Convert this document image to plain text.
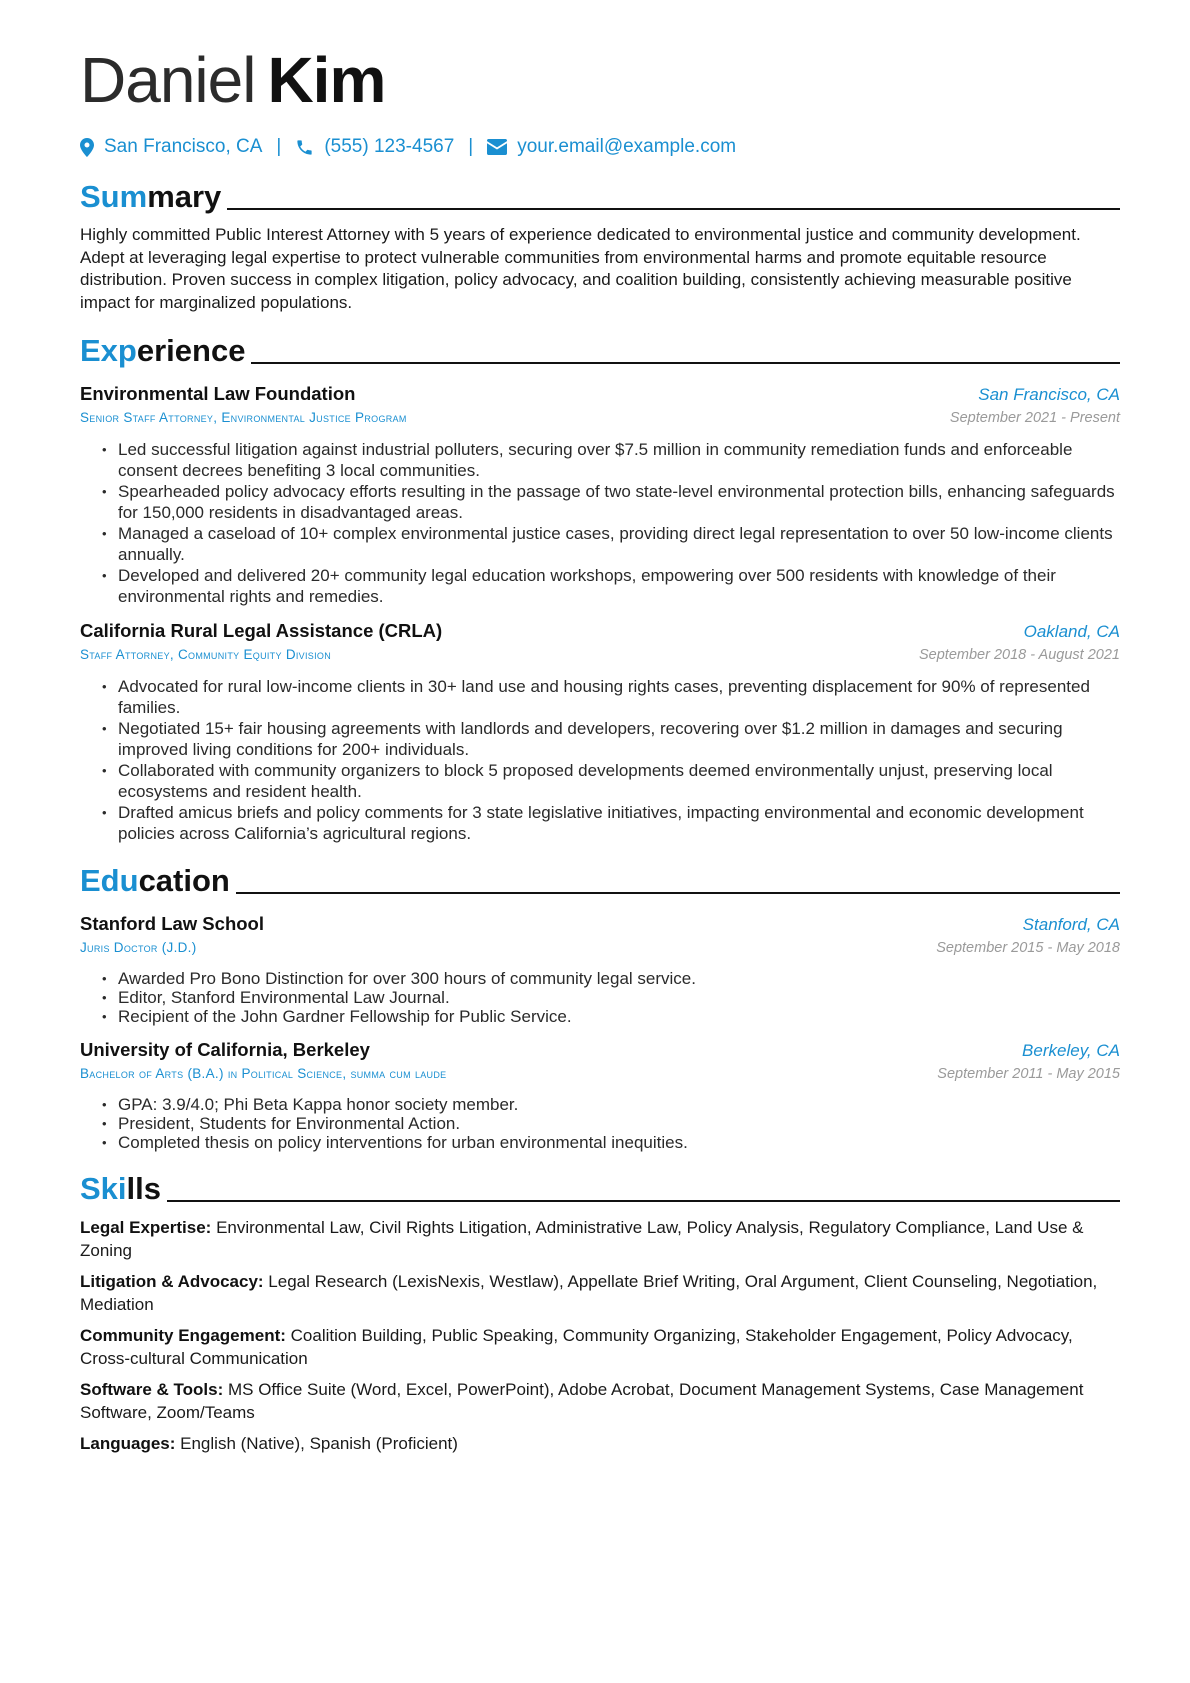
Daniel Kim
San Francisco, CA | (555) 123-4567 | your.email@example.com
Summary

Highly committed Public Interest Attorney with 5 years of experience dedicated to environmental justice and community development. Adept at leveraging legal expertise to protect vulnerable communities from environmental harms and promote equitable resource distribution. Proven success in complex litigation, policy advocacy, and coalition building, consistently achieving measurable positive impact for marginalized populations.

Experience
Environmental Law Foundation	San Francisco, CA
Senior Staff Attorney, Environmental Justice Program	September 2021 - Present
• Led successful litigation against industrial polluters, securing over $7.5 million in community remediation funds and enforceable consent decrees benefiting 3 local communities.
• Spearheaded policy advocacy efforts resulting in the passage of two state-level environmental protection bills, enhancing safeguards for 150,000 residents in disadvantaged areas.
• Managed a caseload of 10+ complex environmental justice cases, providing direct legal representation to over 50 low-income clients annually.
• Developed and delivered 20+ community legal education workshops, empowering over 500 residents with knowledge of their environmental rights and remedies.
California Rural Legal Assistance (CRLA)	Oakland, CA
Staff Attorney, Community Equity Division	September 2018 - August 2021
• Advocated for rural low-income clients in 30+ land use and housing rights cases, preventing displacement for 90% of represented families.
• Negotiated 15+ fair housing agreements with landlords and developers, recovering over $1.2 million in damages and securing improved living conditions for 200+ individuals.
• Collaborated with community organizers to block 5 proposed developments deemed environmentally unjust, preserving local ecosystems and resident health.
• Drafted amicus briefs and policy comments for 3 state legislative initiatives, impacting environmental and economic development policies across California’s agricultural regions.
Education
Stanford Law School	Stanford, CA
Juris Doctor (J.D.)	September 2015 - May 2018
• Awarded Pro Bono Distinction for over 300 hours of community legal service.
• Editor, Stanford Environmental Law Journal.
• Recipient of the John Gardner Fellowship for Public Service.
University of California, Berkeley	Berkeley, CA
Bachelor of Arts (B.A.) in Political Science, summa cum laude	September 2011 - May 2015
• GPA: 3.9/4.0; Phi Beta Kappa honor society member.
• President, Students for Environmental Action.
• Completed thesis on policy interventions for urban environmental inequities.
Skills

Legal Expertise: Environmental Law, Civil Rights Litigation, Administrative Law, Policy Analysis, Regulatory Compliance, Land Use & Zoning

Litigation & Advocacy: Legal Research (LexisNexis, Westlaw), Appellate Brief Writing, Oral Argument, Client Counseling, Negotiation, Mediation

Community Engagement: Coalition Building, Public Speaking, Community Organizing, Stakeholder Engagement, Policy Advocacy, Cross-cultural Communication

Software & Tools: MS Office Suite (Word, Excel, PowerPoint), Adobe Acrobat, Document Management Systems, Case Management Software, Zoom/Teams

Languages: English (Native), Spanish (Proficient)
